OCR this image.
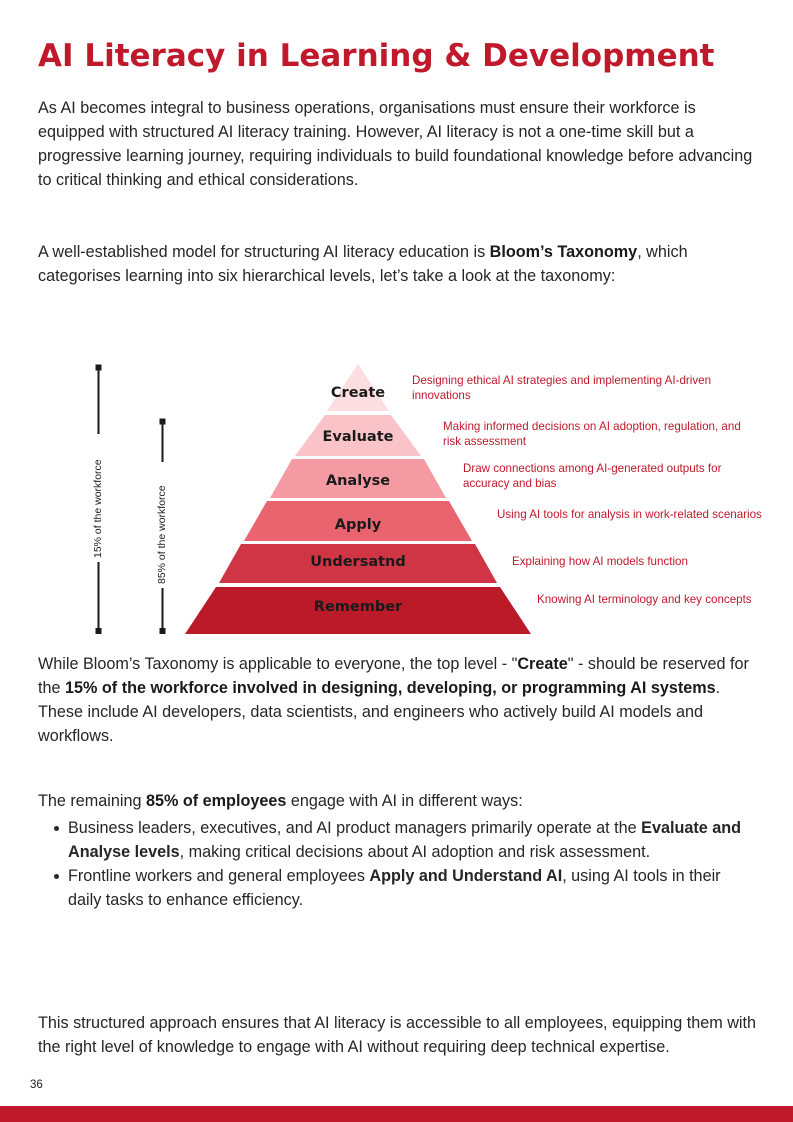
AI Literacy in Learning & Development

As AI becomes integral to business operations, organisations must ensure their workforce is equipped with structured AI literacy training. However, AI literacy is not a one-time skill but a progressive learning journey, requiring individuals to build foundational knowledge before advancing to critical thinking and ethical considerations.

A well-established model for structuring AI literacy education is Bloom’s Taxonomy, which categorises learning into six hierarchical levels, let’s take a look at the taxonomy:

Create
Evaluate
Analyse
Apply
Undersatnd
Remember
15% of the workforce	85% of the workforce
Designing ethical AI strategies and implementing AI-driven innovations
Making informed decisions on AI adoption, regulation, and risk assessment
Draw connections among AI-generated outputs for accuracy and bias
Using AI tools for analysis in work-related scenarios
Explaining how AI models function
Knowing AI terminology and key concepts

While Bloom’s Taxonomy is applicable to everyone, the top level - "Create" - should be reserved for the 15% of the workforce involved in designing, developing, or programming AI systems. These include AI developers, data scientists, and engineers who actively build AI models and workflows.

The remaining 85% of employees engage with AI in different ways:

Business leaders, executives, and AI product managers primarily operate at the Evaluate and Analyse levels, making critical decisions about AI adoption and risk assessment.
Frontline workers and general employees Apply and Understand AI, using AI tools in their daily tasks to enhance efficiency.

This structured approach ensures that AI literacy is accessible to all employees, equipping them with the right level of knowledge to engage with AI without requiring deep technical expertise.

36
